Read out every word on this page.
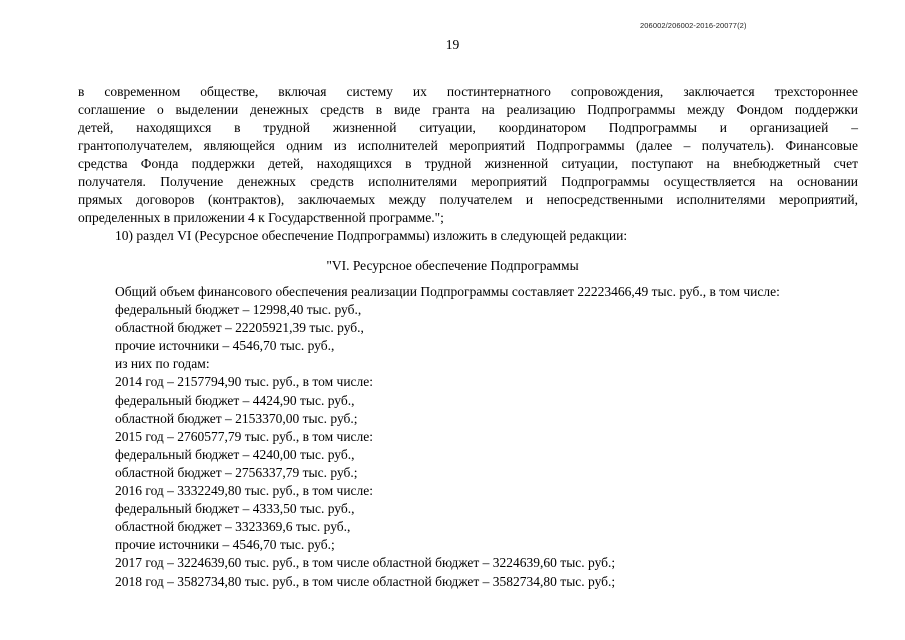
206002/206002-2016-20077(2)
19

в современном обществе, включая систему их постинтернатного сопровождения, заключается трехстороннее

соглашение о выделении денежных средств в виде гранта на реализацию Подпрограммы между Фондом поддержки

детей, находящихся в трудной жизненной ситуации, координатором Подпрограммы и организацией –

грантополучателем, являющейся одним из исполнителей мероприятий Подпрограммы (далее – получатель). Финансовые

средства Фонда поддержки детей, находящихся в трудной жизненной ситуации, поступают на внебюджетный счет

получателя. Получение денежных средств исполнителями мероприятий Подпрограммы осуществляется на основании

прямых договоров (контрактов), заключаемых между получателем и непосредственными исполнителями мероприятий,

определенных в приложении 4 к Государственной программе.";

10) раздел VI (Ресурсное обеспечение Подпрограммы) изложить в следующей редакции:
"VI. Ресурсное обеспечение Подпрограммы
Общий объем финансового обеспечения реализации Подпрограммы составляет 22223466,49 тыс. руб., в том числе:
федеральный бюджет – 12998,40 тыс. руб.,
областной бюджет – 22205921,39 тыс. руб.,
прочие источники – 4546,70 тыс. руб.,
из них по годам:
2014 год – 2157794,90 тыс. руб., в том числе:
федеральный бюджет – 4424,90 тыс. руб.,
областной бюджет – 2153370,00 тыс. руб.;
2015 год – 2760577,79 тыс. руб., в том числе:
федеральный бюджет – 4240,00 тыс. руб.,
областной бюджет – 2756337,79 тыс. руб.;
2016 год – 3332249,80 тыс. руб., в том числе:
федеральный бюджет – 4333,50 тыс. руб.,
областной бюджет – 3323369,6 тыс. руб.,
прочие источники – 4546,70 тыс. руб.;
2017 год – 3224639,60 тыс. руб., в том числе областной бюджет – 3224639,60 тыс. руб.;
2018 год – 3582734,80 тыс. руб., в том числе областной бюджет – 3582734,80 тыс. руб.;
